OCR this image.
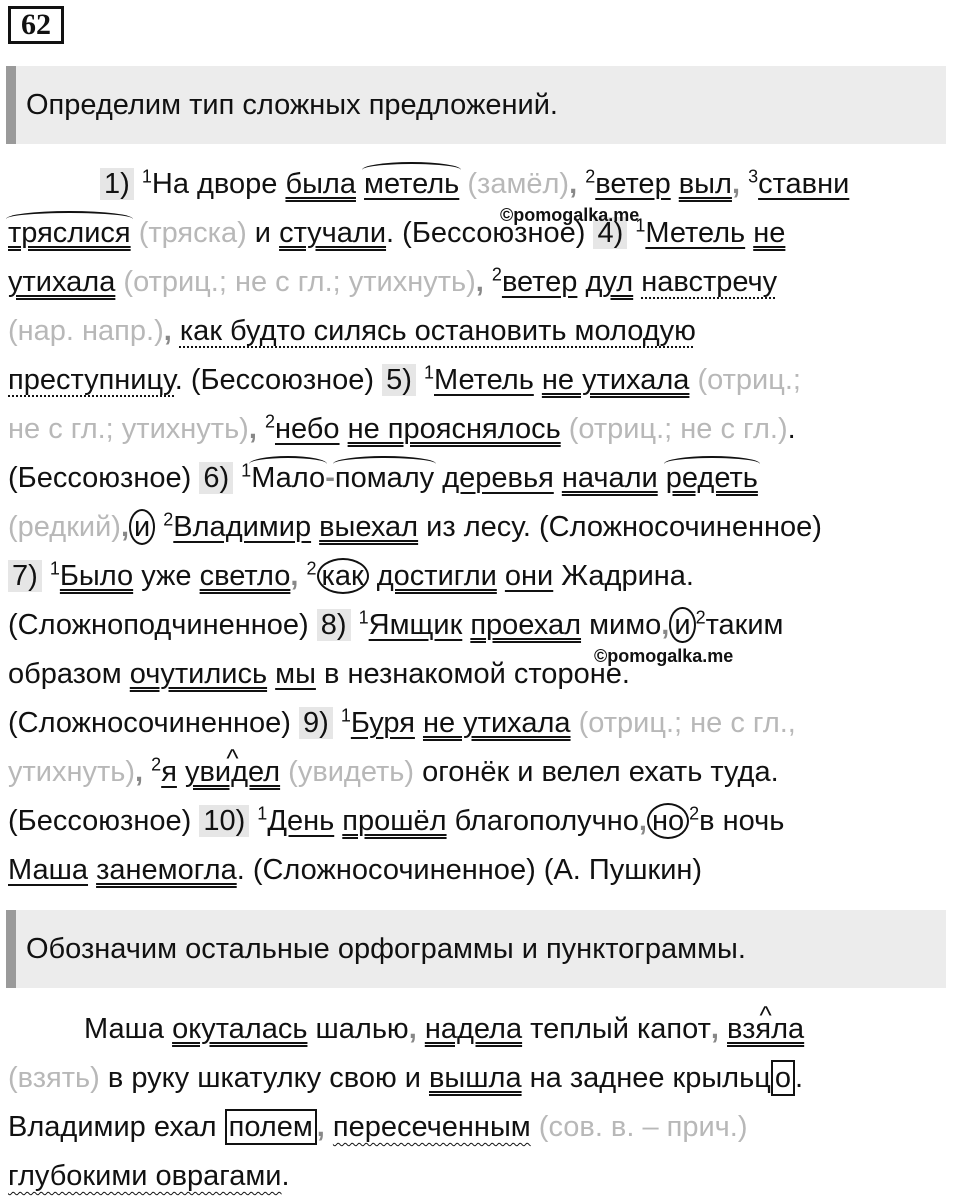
62
Определим тип сложных предложений.
1) $^1$На дворе была метель (замёл), $^2$ветер выл, $^3$ставни
тряслися (тряска) и стучали. (Бессоюзное) 4) $^1$Метель не
утихала (отриц.; не с гл.; утихнуть), $^2$ветер дул навстречу
(нар. напр.), как будто силясь остановить молодую
преступницу. (Бессоюзное) 5) $^1$Метель не утихала (отриц.;
не с гл.; утихнуть), $^2$небо не прояснялось (отриц.; не с гл.).
(Бессоюзное) 6) $^1$Мало-помалу деревья начали редеть
(редкий), и $^2$Владимир выехал из лесу. (Сложносочиненное)
7) $^1$Было уже светло, $^2$ как достигли они Жадрина.
(Сложноподчиненное) 8) $^1$Ямщик проехал мимо, и $^2$таким
образом очутились мы в незнакомой стороне.
(Сложносочиненное) 9) $^1$Буря не утихала (отриц.; не с гл.,
утихнуть), $^2$я ^ увидел (увидеть) огонёк и велел ехать туда.
(Бессоюзное) 10) $^1$День прошёл благополучно, но $^2$в ночь
Маша занемогла. (Сложносочиненное) (А. Пушкин)
©pomogalka.me
©pomogalka.me
Обозначим остальные орфограммы и пунктограммы.
Маша окуталась шалью, надела теплый капот, ^ взяла
(взять) в руку шкатулку свою и вышла на заднее крыльц о .
Владимир ехал полем , пересеченным (сов. в. – прич.)
глубокими оврагами.
